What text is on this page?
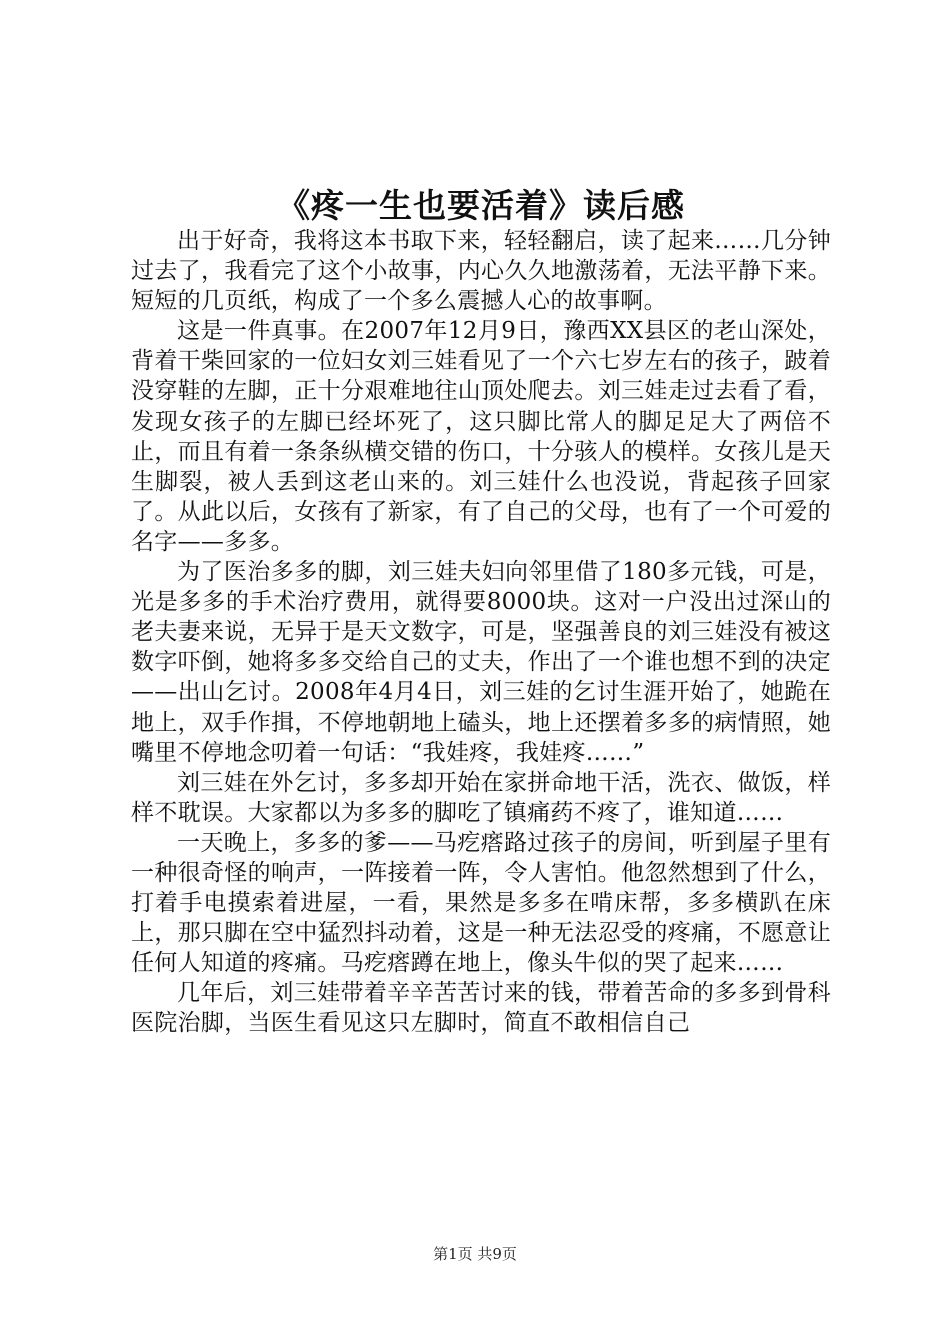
《疼一生也要活着》读后感

出于好奇，我将这本书取下来，轻轻翻启，读了起来……几分钟过去了，我看完了这个小故事，内心久久地激荡着，无法平静下来。短短的几页纸，构成了一个多么震撼人心的故事啊。

这是一件真事。在2007年12月9日，豫西XX县区的老山深处，背着干柴回家的一位妇女刘三娃看见了一个六七岁左右的孩子，跛着没穿鞋的左脚，正十分艰难地往山顶处爬去。刘三娃走过去看了看，发现女孩子的左脚已经坏死了，这只脚比常人的脚足足大了两倍不止，而且有着一条条纵横交错的伤口，十分骇人的模样。女孩儿是天生脚裂，被人丢到这老山来的。刘三娃什么也没说，背起孩子回家了。从此以后，女孩有了新家，有了自己的父母，也有了一个可爱的名字——多多。

为了医治多多的脚，刘三娃夫妇向邻里借了180多元钱，可是，光是多多的手术治疗费用，就得要8000块。这对一户没出过深山的老夫妻来说，无异于是天文数字，可是，坚强善良的刘三娃没有被这数字吓倒，她将多多交给自己的丈夫，作出了一个谁也想不到的决定——出山乞讨。2008年4月4日，刘三娃的乞讨生涯开始了，她跪在地上，双手作揖，不停地朝地上磕头，地上还摆着多多的病情照，她嘴里不停地念叨着一句话：“我娃疼，我娃疼……”

刘三娃在外乞讨，多多却开始在家拼命地干活，洗衣、做饭，样样不耽误。大家都以为多多的脚吃了镇痛药不疼了，谁知道……

一天晚上，多多的爹——马疙瘩路过孩子的房间，听到屋子里有一种很奇怪的响声，一阵接着一阵，令人害怕。他忽然想到了什么，打着手电摸索着进屋，一看，果然是多多在啃床帮，多多横趴在床上，那只脚在空中猛烈抖动着，这是一种无法忍受的疼痛，不愿意让任何人知道的疼痛。马疙瘩蹲在地上，像头牛似的哭了起来……

几年后，刘三娃带着辛辛苦苦讨来的钱，带着苦命的多多到骨科医院治脚，当医生看见这只左脚时，简直不敢相信自己

第1页 共9页
